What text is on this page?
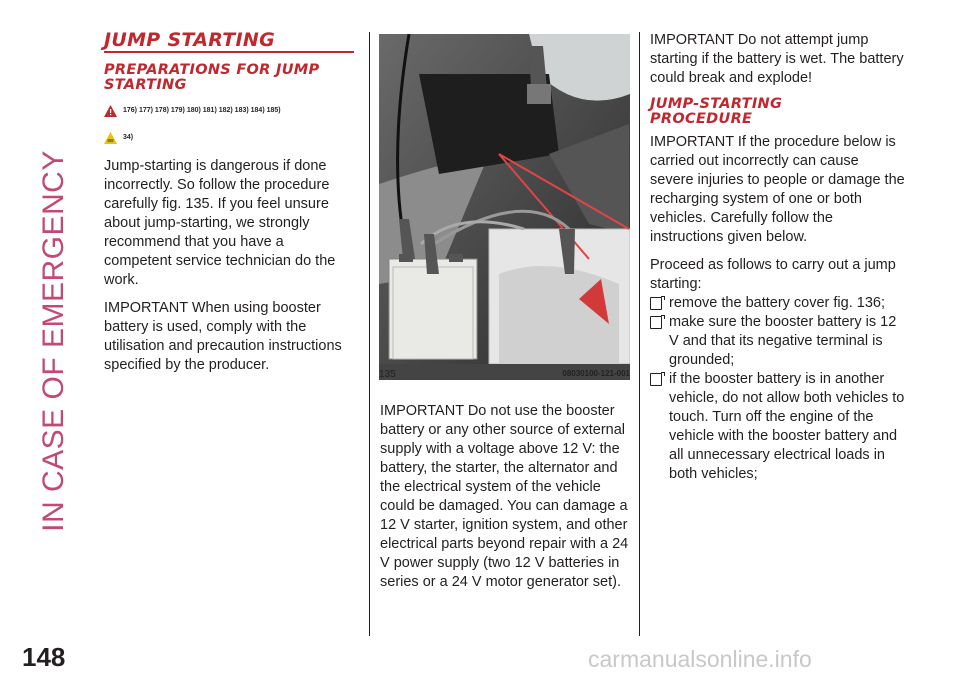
IN CASE OF EMERGENCY
148	carmanualsonline.info
JUMP STARTING
PREPARATIONS FOR JUMP STARTING
176) 177) 178) 179) 180) 181) 182) 183) 184) 185)
34)

Jump-starting is dangerous if done incorrectly. So follow the procedure carefully fig. 135. If you feel unsure about jump-starting, we strongly recommend that you have a competent service technician do the work.

IMPORTANT When using booster battery is used, comply with the utilisation and precaution instructions specified by the producer.

135	08030100-121-001

IMPORTANT Do not use the booster battery or any other source of external supply with a voltage above 12 V: the battery, the starter, the alternator and the electrical system of the vehicle could be damaged. You can damage a 12 V starter, ignition system, and other electrical parts beyond repair with a 24 V power supply (two 12 V batteries in series or a 24 V motor generator set).

IMPORTANT Do not attempt jump starting if the battery is wet. The battery could break and explode!

JUMP-STARTING PROCEDURE

IMPORTANT If the procedure below is carried out incorrectly can cause severe injuries to people or damage the recharging system of one or both vehicles. Carefully follow the instructions given below.

Proceed as follows to carry out a jump starting:

remove the battery cover fig. 136;
make sure the booster battery is 12 V and that its negative terminal is grounded;
if the booster battery is in another vehicle, do not allow both vehicles to touch. Turn off the engine of the vehicle with the booster battery and all unnecessary electrical loads in both vehicles;
